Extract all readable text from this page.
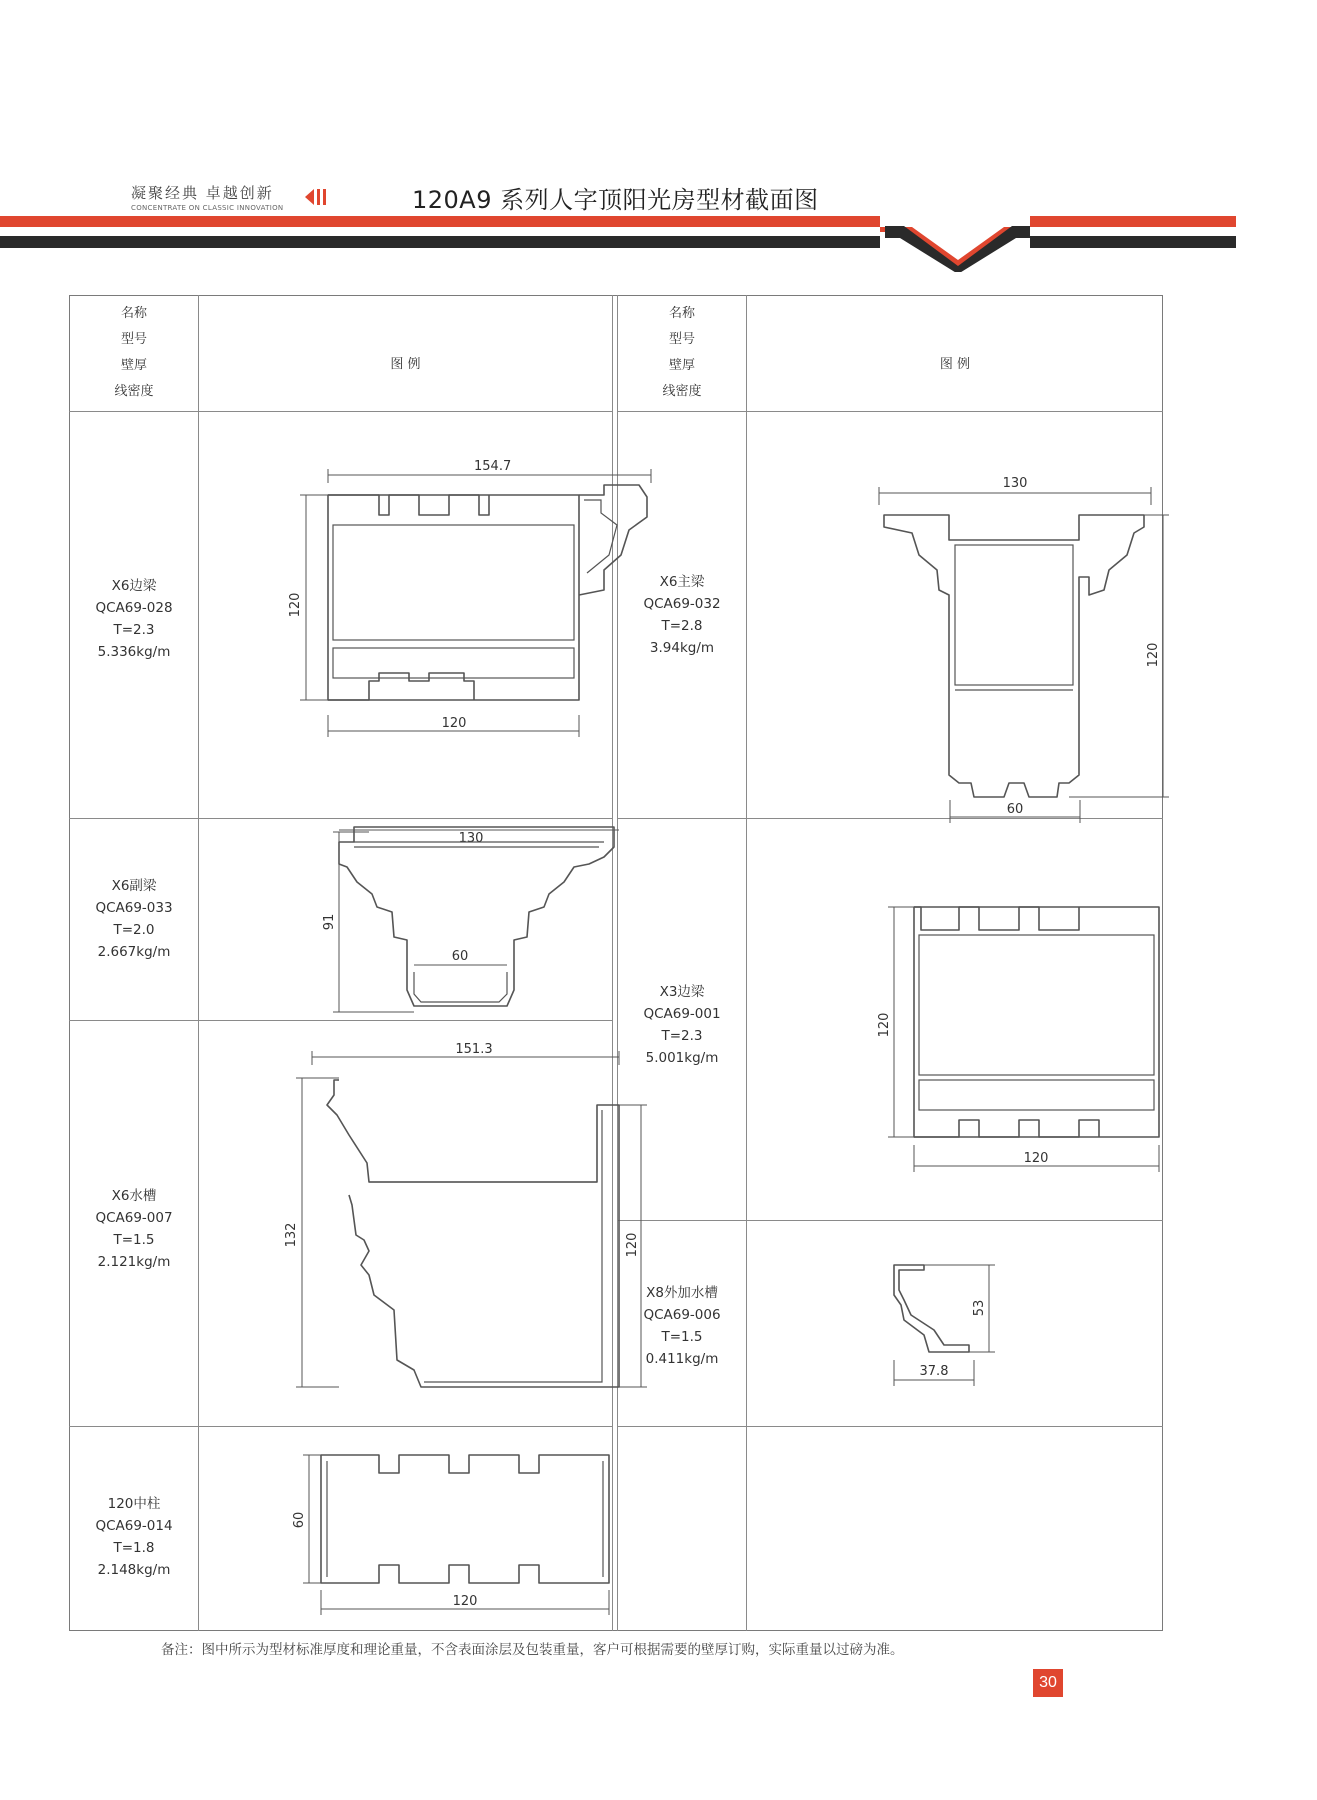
凝聚经典 卓越创新
CONCENTRATE ON CLASSIC INNOVATION	120A9 系列人字顶阳光房型材截面图
名称
型号
壁厚
线密度
图 例
名称
型号
壁厚
线密度
图 例
X6边梁
QCA69-028
T=2.3
5.336kg/m
154.7
120
120
X6副梁
QCA69-033
T=2.0
2.667kg/m
130
91
60
X6水槽
QCA69-007
T=1.5
2.121kg/m
151.3
132	120
120中柱
QCA69-014
T=1.8
2.148kg/m
60
120
X6主梁
QCA69-032
T=2.8
3.94kg/m
130
120
60
X3边梁
QCA69-001
T=2.3
5.001kg/m
120
120
X8外加水槽
QCA69-006
T=1.5
0.411kg/m
53
37.8
备注：图中所示为型材标准厚度和理论重量，不含表面涂层及包装重量，客户可根据需要的壁厚订购，实际重量以过磅为准。
30
